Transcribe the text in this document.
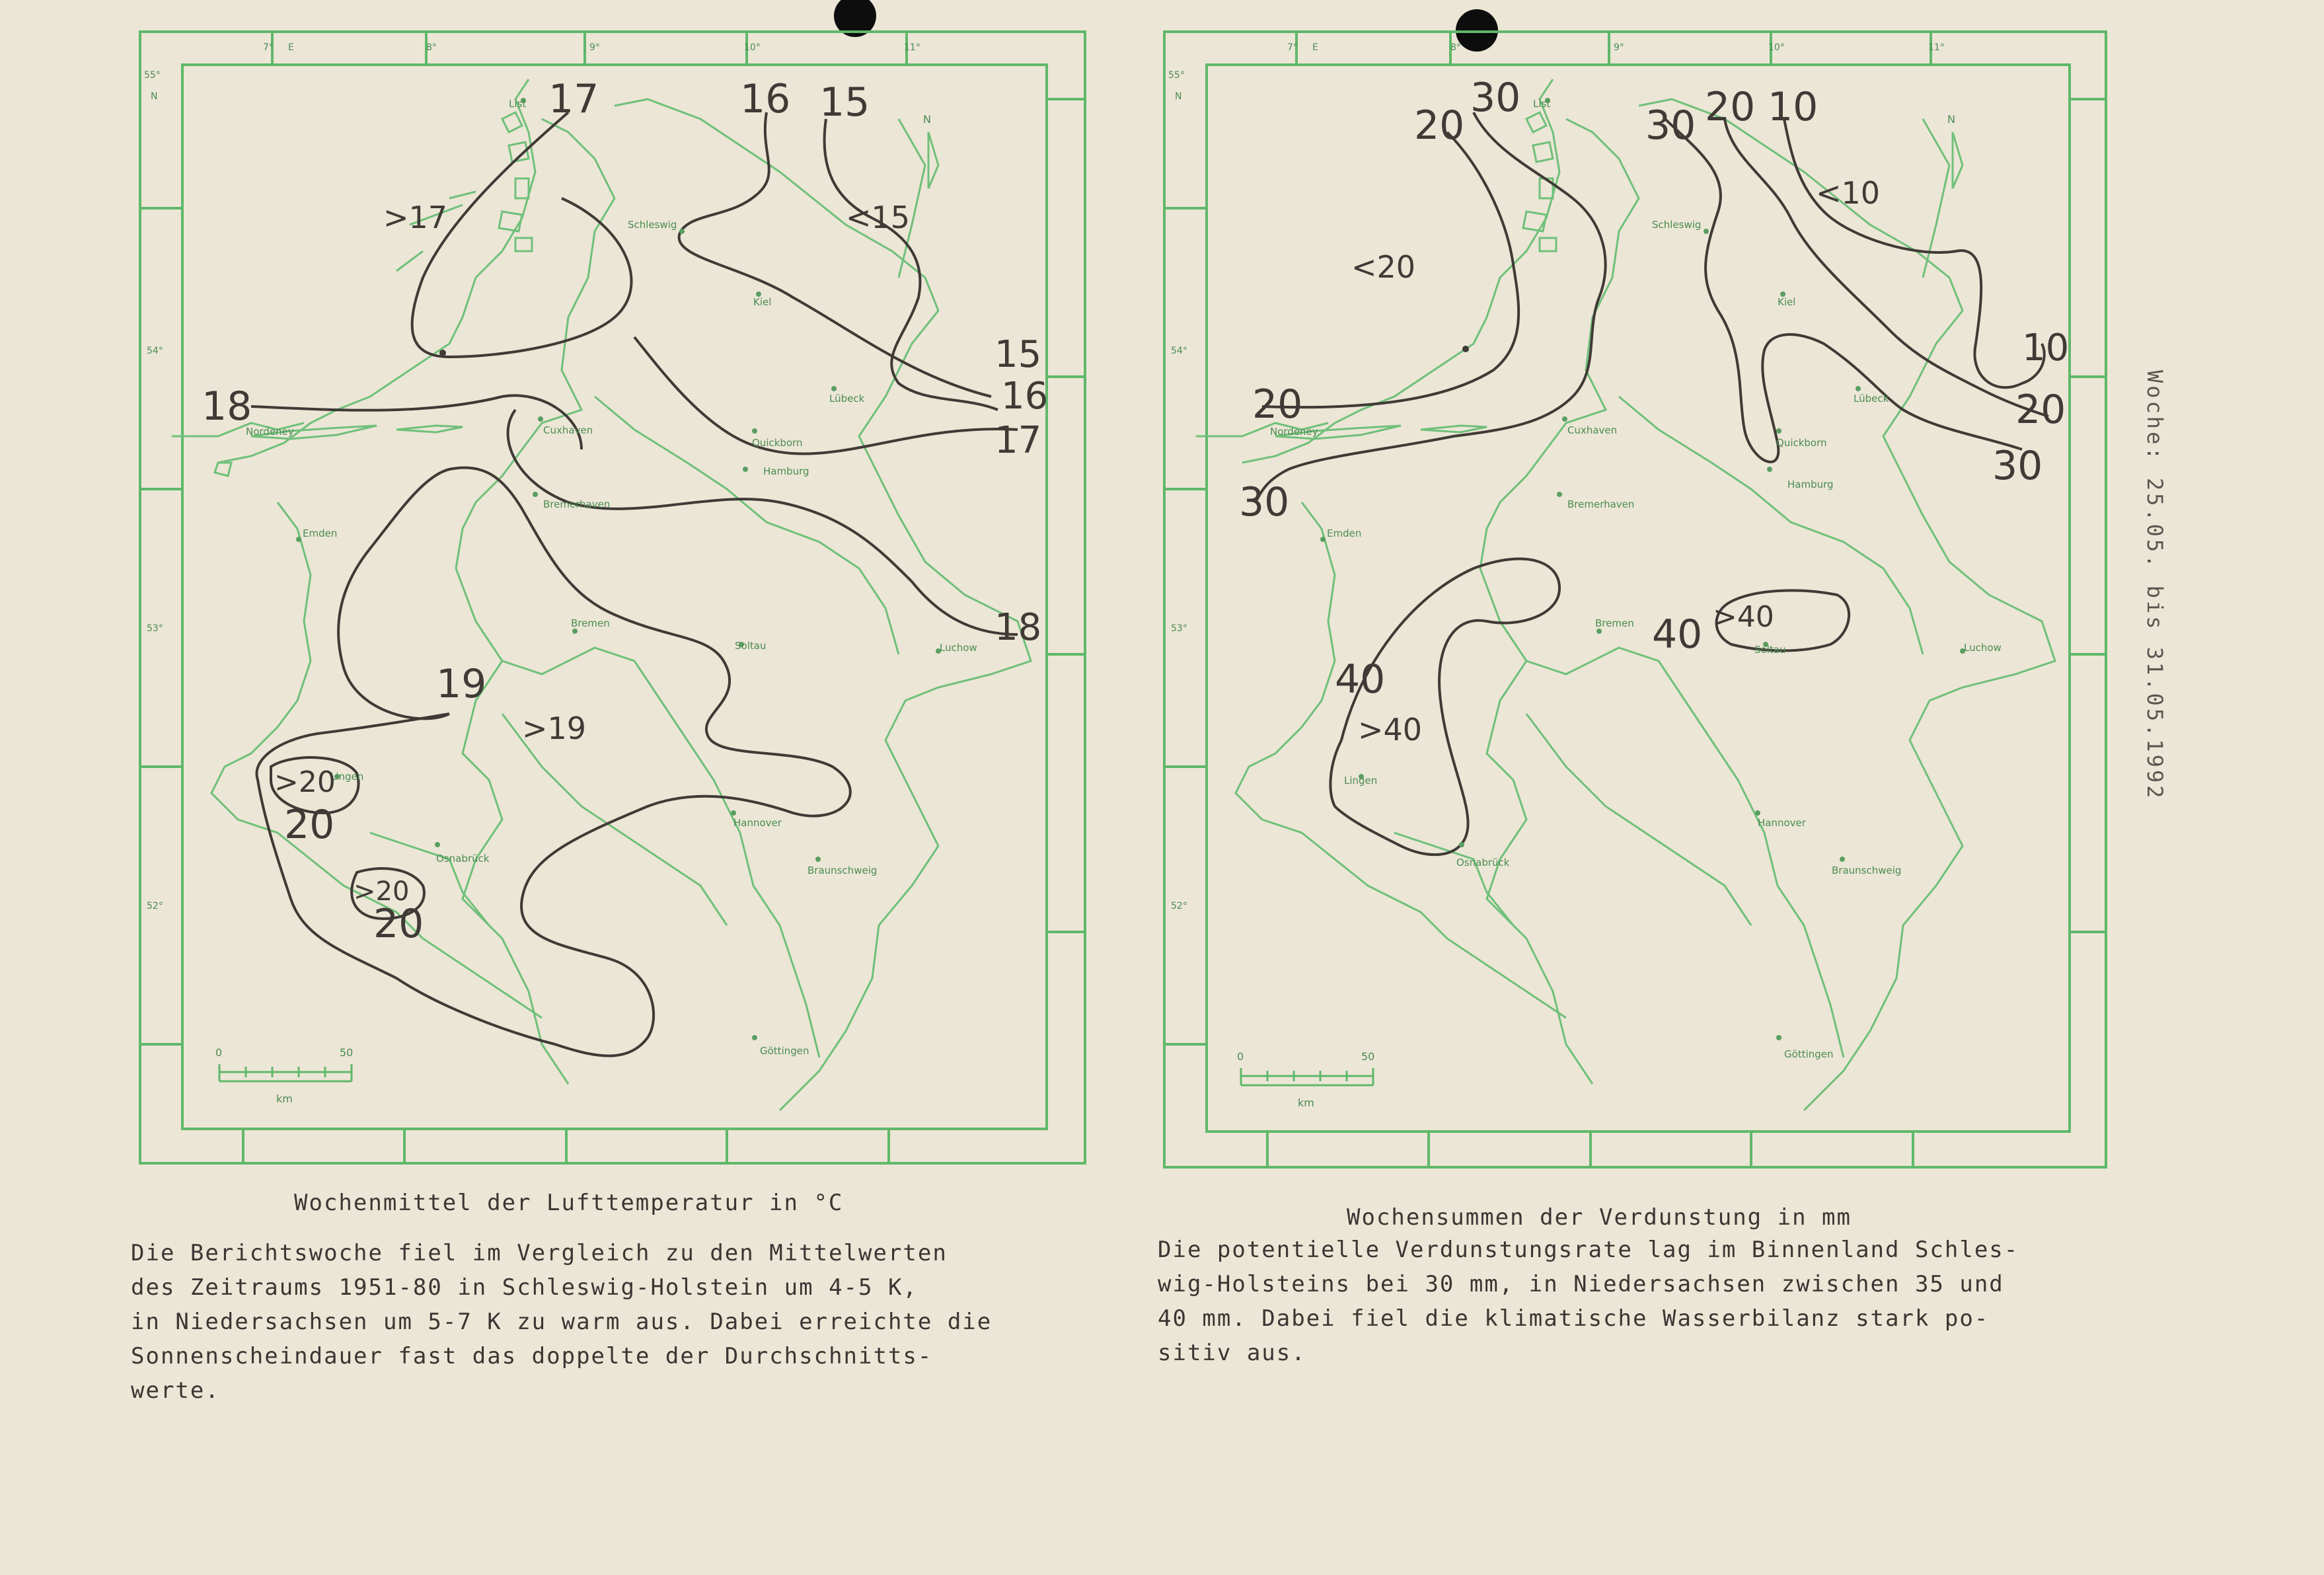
List
Schleswig
Kiel
Lübeck
Quickborn
Hamburg
Nordeney	Cuxhaven
Bremerhaven
Emden
Bremen
Soltau	Luchow
Lingen
Osnabrück
Hannover
Braunschweig
Göttingen
7° E	8°	9°	10°	11°
55°
N
54°
53°
52°
N
0	50
km
17	16 15
>17	<15
15
16
17
18
18
19
>19
>20
20
>20
20
List
Schleswig
Kiel
Lübeck
Quickborn
Hamburg
Nordeney	Cuxhaven
Bremerhaven
Emden
Bremen
Soltau	Luchow
Lingen
Osnabrück
Hannover
Braunschweig
Göttingen
7° E	8°	9°	10°	11°
55°
N
54°
53°
52°
N
0	50
km
20
30
30 20 10
<10
<20
10
20
30
20
30
40
>40
40 >40
Wochenmittel der Lufttemperatur in °C
Die Berichtswoche fiel im Vergleich zu den Mittelwerten
des Zeitraums 1951-80 in Schleswig-Holstein um 4-5 K,
in Niedersachsen um 5-7 K zu warm aus. Dabei erreichte die
Sonnenscheindauer fast das doppelte der Durchschnitts-
werte.
Wochensummen der Verdunstung in mm
Die potentielle Verdunstungsrate lag im Binnenland Schles-
wig-Holsteins bei 30 mm, in Niedersachsen zwischen 35 und
40 mm. Dabei fiel die klimatische Wasserbilanz stark po-
sitiv aus.
Woche: 25.05. bis 31.05.1992
